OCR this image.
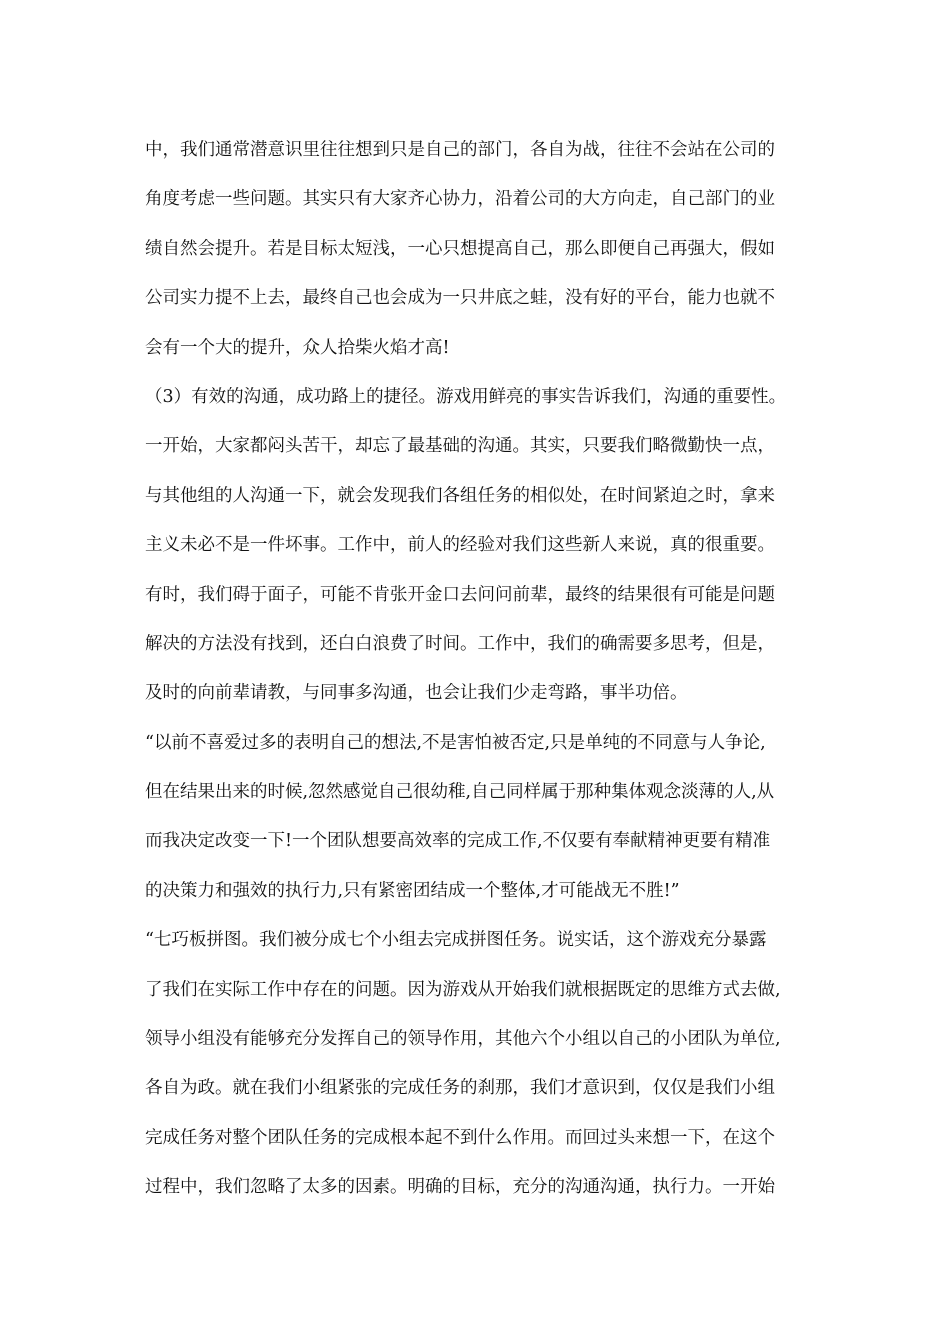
中，我们通常潜意识里往往想到只是自己的部门，各自为战，往往不会站在公司的
角度考虑一些问题。其实只有大家齐心协力，沿着公司的大方向走，自己部门的业
绩自然会提升。若是目标太短浅，一心只想提高自己，那么即便自己再强大，假如
公司实力提不上去，最终自己也会成为一只井底之蛙，没有好的平台，能力也就不
会有一个大的提升，众人拾柴火焰才高!
（3）有效的沟通，成功路上的捷径。游戏用鲜亮的事实告诉我们，沟通的重要性。
一开始，大家都闷头苦干，却忘了最基础的沟通。其实，只要我们略微勤快一点，
与其他组的人沟通一下，就会发现我们各组任务的相似处，在时间紧迫之时，拿来
主义未必不是一件坏事。工作中，前人的经验对我们这些新人来说，真的很重要。
有时，我们碍于面子，可能不肯张开金口去问问前辈，最终的结果很有可能是问题
解决的方法没有找到，还白白浪费了时间。工作中，我们的确需要多思考，但是，
及时的向前辈请教，与同事多沟通，也会让我们少走弯路，事半功倍。
“以前不喜爱过多的表明自己的想法,不是害怕被否定,只是单纯的不同意与人争论,
但在结果出来的时候,忽然感觉自己很幼稚,自己同样属于那种集体观念淡薄的人,从
而我决定改变一下!一个团队想要高效率的完成工作,不仅要有奉献精神更要有精准
的决策力和强效的执行力,只有紧密团结成一个整体,才可能战无不胜!”
“七巧板拼图。我们被分成七个小组去完成拼图任务。说实话，这个游戏充分暴露
了我们在实际工作中存在的问题。因为游戏从开始我们就根据既定的思维方式去做,
领导小组没有能够充分发挥自己的领导作用，其他六个小组以自己的小团队为单位,
各自为政。就在我们小组紧张的完成任务的刹那，我们才意识到，仅仅是我们小组
完成任务对整个团队任务的完成根本起不到什么作用。而回过头来想一下，在这个
过程中，我们忽略了太多的因素。明确的目标，充分的沟通沟通，执行力。一开始
